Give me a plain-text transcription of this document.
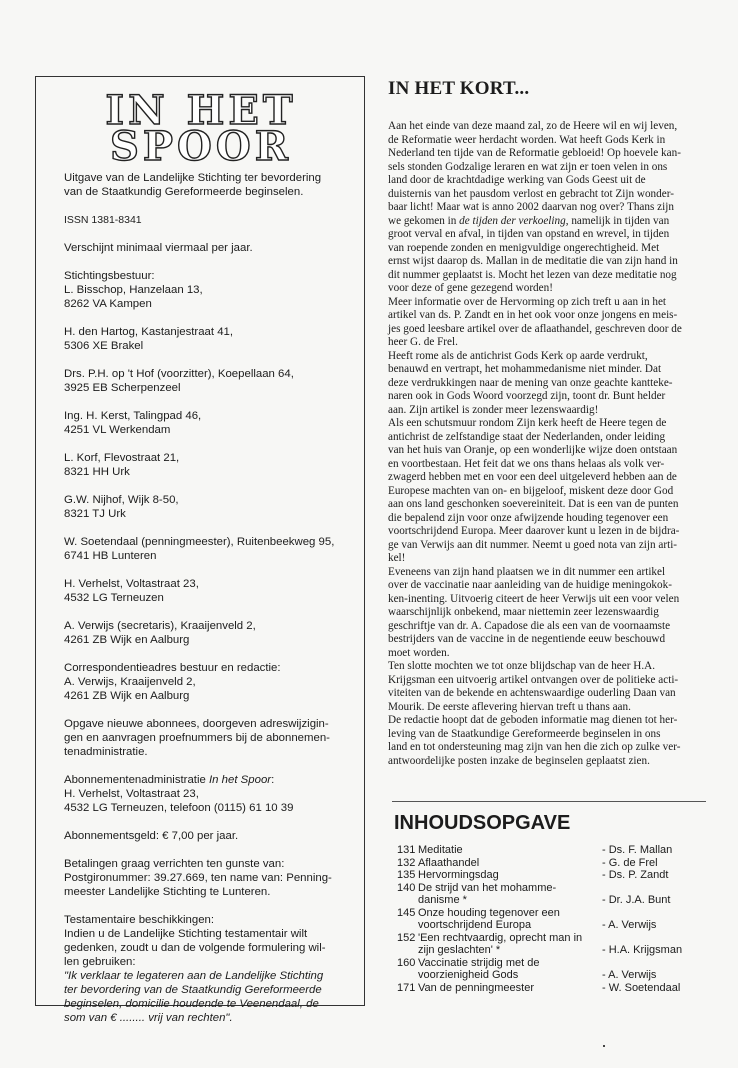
IN HET
SPOOR
Uitgave van de Landelijke Stichting ter bevordering van de Staatkundig Gereformeerde beginselen.
ISSN 1381-8341
Verschijnt minimaal viermaal per jaar.
Stichtingsbestuur:
L. Bisschop, Hanzelaan 13,
8262 VA Kampen
H. den Hartog, Kastanjestraat 41,
5306 XE Brakel
Drs. P.H. op 't Hof (voorzitter), Koepellaan 64,
3925 EB Scherpenzeel
Ing. H. Kerst, Talingpad 46,
4251 VL Werkendam
L. Korf, Flevostraat 21,
8321 HH Urk
G.W. Nijhof, Wijk 8-50,
8321 TJ Urk
W. Soetendaal (penningmeester), Ruitenbeekweg 95,
6741 HB Lunteren
H. Verhelst, Voltastraat 23,
4532 LG Terneuzen
A. Verwijs (secretaris), Kraaijenveld 2,
4261 ZB Wijk en Aalburg
Correspondentieadres bestuur en redactie:
A. Verwijs, Kraaijenveld 2,
4261 ZB Wijk en Aalburg
Opgave nieuwe abonnees, doorgeven adreswijzigin-
gen en aanvragen proefnummers bij de abonnemen-
tenadministratie.
Abonnementenadministratie In het Spoor:
H. Verhelst, Voltastraat 23,
4532 LG Terneuzen, telefoon (0115) 61 10 39
Abonnementsgeld: € 7,00 per jaar.
Betalingen graag verrichten ten gunste van:
Postgironummer: 39.27.669, ten name van: Penning-
meester Landelijke Stichting te Lunteren.
Testamentaire beschikkingen:
Indien u de Landelijke Stichting testamentair wilt
gedenken, zoudt u dan de volgende formulering wil-
len gebruiken:
"Ik verklaar te legateren aan de Landelijke Stichting
ter bevordering van de Staatkundig Gereformeerde
beginselen, domicilie houdende te Veenendaal, de
som van € ........ vrij van rechten".
IN HET KORT...

Aan het einde van deze maand zal, zo de Heere wil en wij leven,

de Reformatie weer herdacht worden. Wat heeft Gods Kerk in

Nederland ten tijde van de Reformatie gebloeid! Op hoevele kan-

sels stonden Godzalige leraren en wat zijn er toen velen in ons

land door de krachtdadige werking van Gods Geest uit de

duisternis van het pausdom verlost en gebracht tot Zijn wonder-

baar licht! Maar wat is anno 2002 daarvan nog over? Thans zijn

we gekomen in de tijden der verkoeling, namelijk in tijden van

groot verval en afval, in tijden van opstand en wrevel, in tijden

van roepende zonden en menigvuldige ongerechtigheid. Met

ernst wijst daarop ds. Mallan in de meditatie die van zijn hand in

dit nummer geplaatst is. Mocht het lezen van deze meditatie nog

voor deze of gene gezegend worden!

Meer informatie over de Hervorming op zich treft u aan in het

artikel van ds. P. Zandt en in het ook voor onze jongens en meis-

jes goed leesbare artikel over de aflaathandel, geschreven door de

heer G. de Frel.

Heeft rome als de antichrist Gods Kerk op aarde verdrukt,

benauwd en vertrapt, het mohammedanisme niet minder. Dat

deze verdrukkingen naar de mening van onze geachte kanttеke-

naren ook in Gods Woord voorzegd zijn, toont dr. Bunt helder

aan. Zijn artikel is zonder meer lezenswaardig!

Als een schutsmuur rondom Zijn kerk heeft de Heere tegen de

antichrist de zelfstandige staat der Nederlanden, onder leiding

van het huis van Oranje, op een wonderlijke wijze doen ontstaan

en voortbestaan. Het feit dat we ons thans helaas als volk ver-

zwagerd hebben met en voor een deel uitgeleverd hebben aan de

Europese machten van on- en bijgeloof, miskent deze door God

aan ons land geschonken soevereiniteit. Dat is een van de punten

die bepalend zijn voor onze afwijzende houding tegenover een

voortschrijdend Europa. Meer daarover kunt u lezen in de bijdra-

ge van Verwijs aan dit nummer. Neemt u goed nota van zijn arti-

kel!

Eveneens van zijn hand plaatsen we in dit nummer een artikel

over de vaccinatie naar aanleiding van de huidige meningokok-

ken-inenting. Uitvoerig citeert de heer Verwijs uit een voor velen

waarschijnlijk onbekend, maar niettemin zeer lezenswaardig

geschriftje van dr. A. Capadose die als een van de voornaamste

bestrijders van de vaccine in de negentiende eeuw beschouwd

moet worden.

Ten slotte mochten we tot onze blijdschap van de heer H.A.

Krijgsman een uitvoerig artikel ontvangen over de politieke acti-

viteiten van de bekende en achtenswaardige ouderling Daan van

Mourik. De eerste aflevering hiervan treft u thans aan.

De redactie hoopt dat de geboden informatie mag dienen tot her-

leving van de Staatkundige Gereformeerde beginselen in ons

land en tot ondersteuning mag zijn van hen die zich op zulke ver-

antwoordelijke posten inzake de beginselen geplaatst zien.

INHOUDSOPGAVE
131 Meditatie	- Ds. F. Mallan
132 Aflaathandel	- G. de Frel
135 Hervormingsdag	- Ds. P. Zandt
140 De strijd van het mohamme-
danisme *	- Dr. J.A. Bunt
145 Onze houding tegenover een
voortschrijdend Europa	- A. Verwijs
152 'Een rechtvaardig, oprecht man in
zijn geslachten' *	- H.A. Krijgsman
160 Vaccinatie strijdig met de
voorzienigheid Gods	- A. Verwijs
171 Van de penningmeester	- W. Soetendaal
